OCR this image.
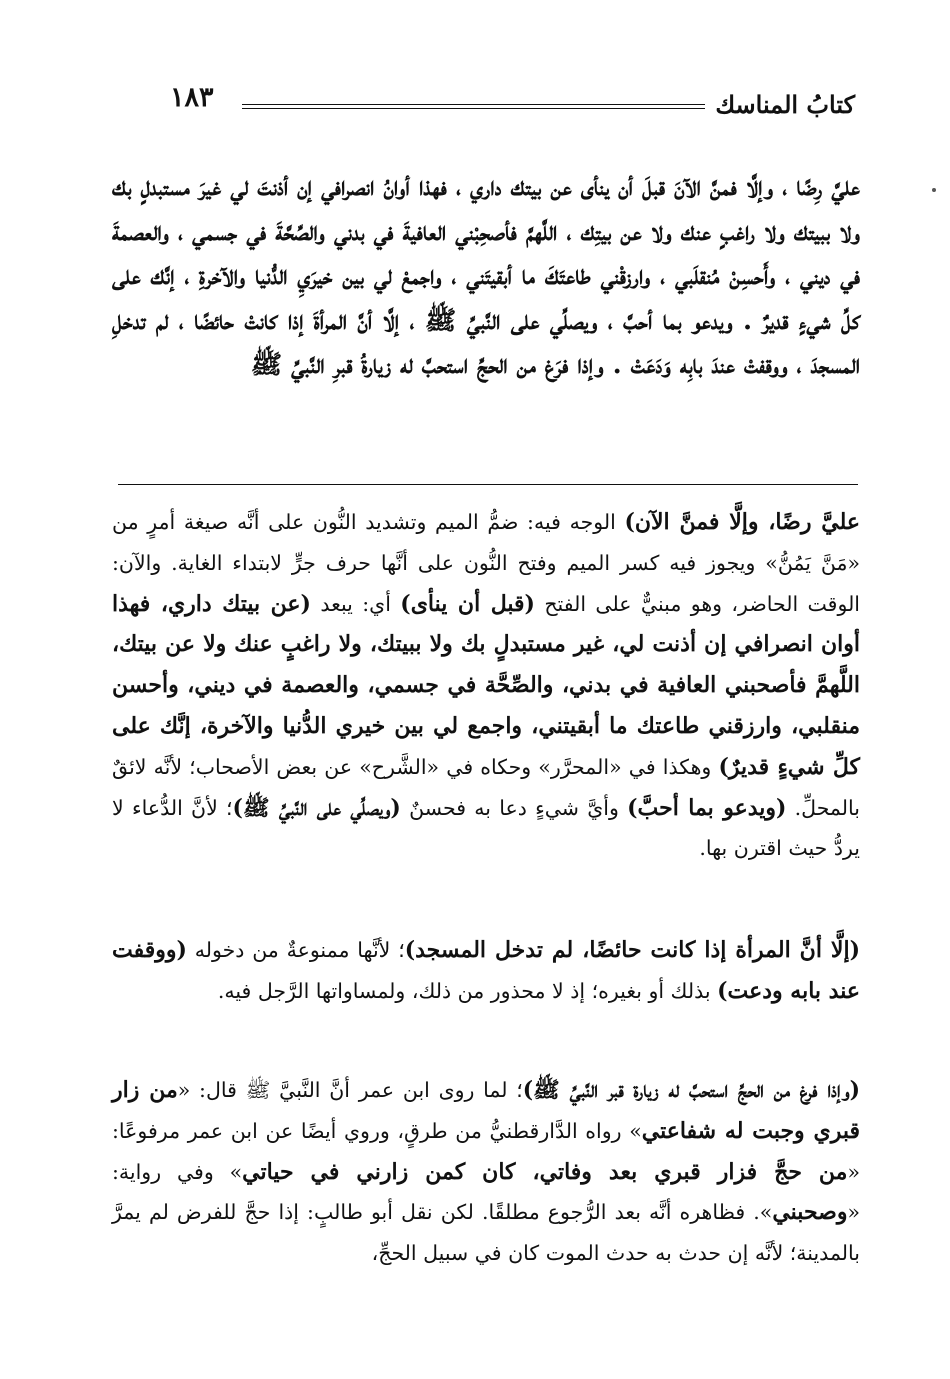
١٨٣	كتابُ المناسك
عليَّ رِضًا ، وإلَّا فمنَّ الآنَ قبلَ أن ينأى عن بيتك داري ، فهذا أوانُ انصرافي إن أذنتَ لي غيرَ مستبدلٍ بك ولا ببيتك ولا راغبٍ عنك ولا عن بيتِك ، اللَّهمَّ فأصحِبْني العافيةَ في بدني والصِّحَّةَ في جسمي ، والعصمةَ في ديني ، وأَحسِنْ مُنقلَبي ، وارزقْني طاعتَكَ ما أبقيتَني ، واجمعْ لي بين خيرَيِ الدُّنيا والآخرةِ ، إنَّك على كلِّ شيءٍ قديرٌ . ويدعو بما أحبَّ ، ويصلِّي على النَّبيِّ ﷺ ، إلَّا أنَّ المرأةَ إذا كانتْ حائضًا ، لم تدخلِ المسجدَ ، ووقفتْ عندَ بابِه وَدَعَتْ . وإذا فرَغ من الحجِّ استحبَّ له زيارةُ قبرِ النَّبيِّ ﷺ

عليَّ رضًا، وإلَّا فمنَّ الآن) الوجه فيه: ضمُّ الميم وتشديد النُّون على أنَّه صيغة أمرٍ من «مَنَّ يَمُنُّ» ويجوز فيه كسر الميم وفتح النُّون على أنَّها حرف جرٍّ لابتداء الغاية. والآن: الوقت الحاضر، وهو مبنيٌّ على الفتح (قبل أن ينأى) أي: يبعد (عن بيتك داري، فهذا أوان انصرافي إن أذنت لي، غير مستبدلٍ بك ولا ببيتك، ولا راغبٍ عنك ولا عن بيتك، اللَّهمَّ فأصحبني العافية في بدني، والصِّحَّة في جسمي، والعصمة في ديني، وأحسن منقلبي، وارزقني طاعتك ما أبقيتني، واجمع لي بين خيري الدُّنيا والآخرة، إنَّك على كلِّ شيءٍ قديرٌ) وهكذا في «المحرَّر» وحكاه في «الشَّرح» عن بعض الأصحاب؛ لأنَّه لائقٌ بالمحلِّ. (ويدعو بما أحبَّ) وأيَّ شيءٍ دعا به فحسنٌ (ويصلِّي على النَّبيِّ ﷺ)؛ لأنَّ الدُّعاء لا يردُّ حيث اقترن بها.

(إلَّا أنَّ المرأة إذا كانت حائضًا، لم تدخل المسجد)؛ لأنَّها ممنوعةٌ من دخوله (ووقفت عند بابه ودعت) بذلك أو بغيره؛ إذ لا محذور من ذلك، ولمساواتها الرَّجل فيه.

(وإذا فرغ من الحجِّ استحبَّ له زيارة قبر النَّبيِّ ﷺ)؛ لما روى ابن عمر أنَّ النَّبيَّ ﷺ قال: «من زار قبري وجبت له شفاعتي» رواه الدَّارقطنيُّ من طرقٍ، وروي أيضًا عن ابن عمر مرفوعًا: «من حجَّ فزار قبري بعد وفاتي، كان كمن زارني في حياتي» وفي رواية: «وصحبني». فظاهره أنَّه بعد الرُّجوع مطلقًا. لكن نقل أبو طالبٍ: إذا حجَّ للفرض لم يمرَّ بالمدينة؛ لأنَّه إن حدث به حدث الموت كان في سبيل الحجِّ،
